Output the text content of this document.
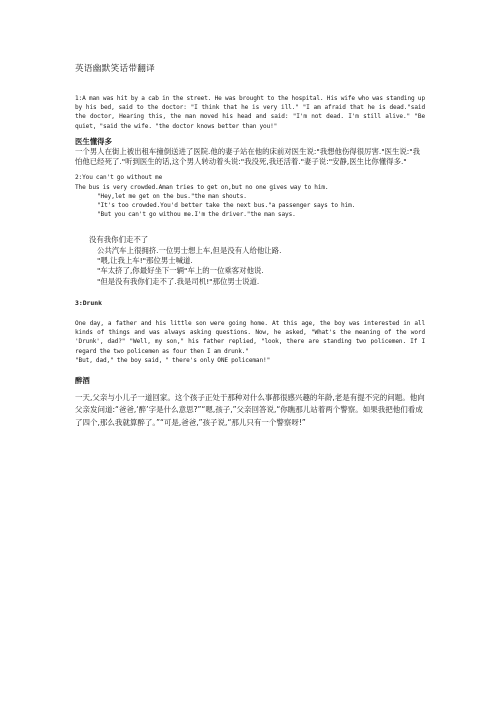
英语幽默笑话带翻译

1:A man was hit by a cab in the street. He was brought to the hospital. His wife who was standing up by his bed, said to the doctor: "I think that he is very ill." "I am afraid that he is dead."said the doctor, Hearing this, the man moved his head and said: "I'm not dead. I'm still alive." "Be quiet, "said the wife. "the doctor knows better than you!"

医生懂得多

一个男人在街上被出租车撞倒送进了医院.他的妻子站在他的床前对医生说:"我想他伤得很厉害."医生说:"我怕他已经死了."听到医生的话,这个男人转动着头说:"我没死,我还活着."妻子说:"安静,医生比你懂得多."

2:You can't go without me

The bus is very crowded.Aman tries to get on,but no one gives way to him.

"Hey,let me get on the bus."the man shouts.

"It's too crowded.You'd better take the next bus."a passenger says to him.

"But you can't go withou me.I'm the driver."the man says.

没有我你们走不了

公共汽车上很拥挤.一位男士想上车,但是没有人给他让路.

"喂,让我上车!"那位男士喊道.

"车太挤了,你最好坐下一辆"车上的一位乘客对他说.

"但是没有我你们走不了.我是司机!"那位男士说道.

3:Drunk

One day, a father and his little son were going home. At this age, the boy was interested in all kinds of things and was always asking questions. Now, he asked, "What's the meaning of the word 'Drunk', dad?" "Well, my son," his father replied, "look, there are standing two policemen. If I regard the two policemen as four then I am drunk."

"But, dad," the boy said, " there's only ONE policeman!"

醉酒

一天,父亲与小儿子一道回家。这个孩子正处于那种对什么事都很感兴趣的年龄,老是有提不完的问题。他向父亲发问道:“爸爸,‘醉’字是什么意思?”“嗯,孩子,”父亲回答说,“你瞧那儿站着两个警察。如果我把他们看成了四个,那么我就算醉了。”“可是,爸爸,”孩子说,“那儿只有一个警察呀!”
